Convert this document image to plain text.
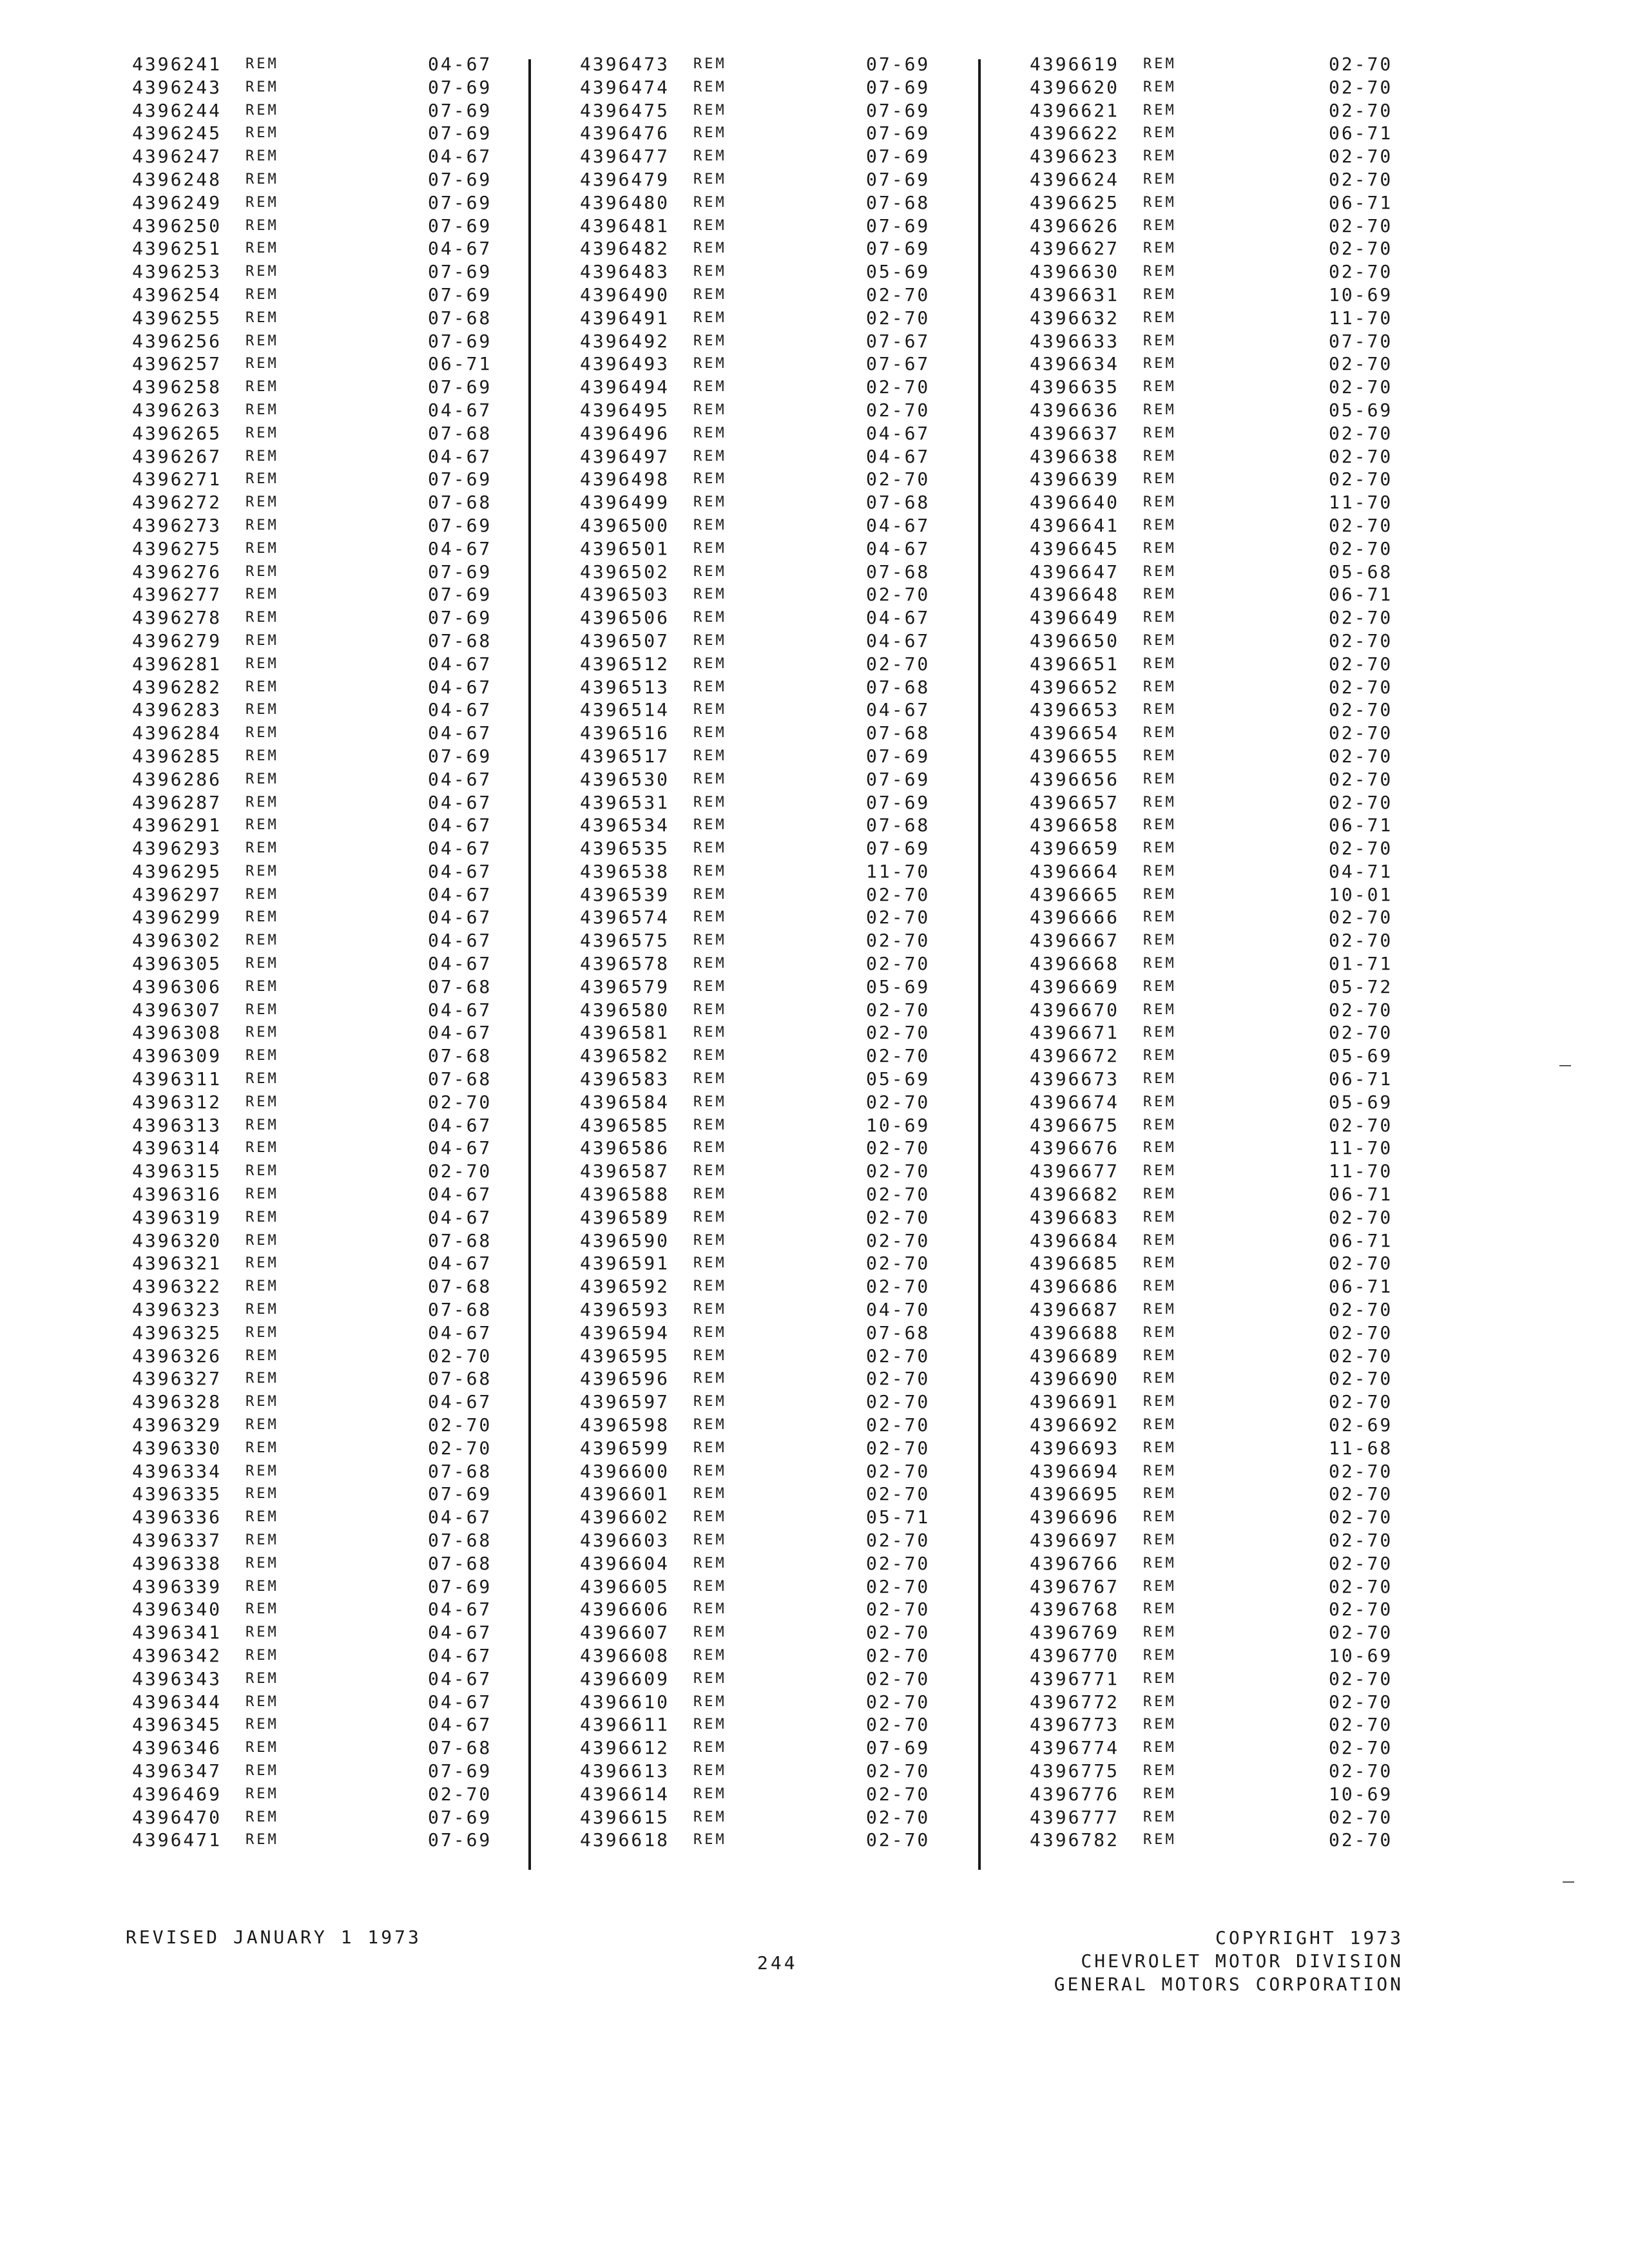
4396241	REM	04-67
4396243	REM	07-69
4396244	REM	07-69
4396245	REM	07-69
4396247	REM	04-67
4396248	REM	07-69
4396249	REM	07-69
4396250	REM	07-69
4396251	REM	04-67
4396253	REM	07-69
4396254	REM	07-69
4396255	REM	07-68
4396256	REM	07-69
4396257	REM	06-71
4396258	REM	07-69
4396263	REM	04-67
4396265	REM	07-68
4396267	REM	04-67
4396271	REM	07-69
4396272	REM	07-68
4396273	REM	07-69
4396275	REM	04-67
4396276	REM	07-69
4396277	REM	07-69
4396278	REM	07-69
4396279	REM	07-68
4396281	REM	04-67
4396282	REM	04-67
4396283	REM	04-67
4396284	REM	04-67
4396285	REM	07-69
4396286	REM	04-67
4396287	REM	04-67
4396291	REM	04-67
4396293	REM	04-67
4396295	REM	04-67
4396297	REM	04-67
4396299	REM	04-67
4396302	REM	04-67
4396305	REM	04-67
4396306	REM	07-68
4396307	REM	04-67
4396308	REM	04-67
4396309	REM	07-68
4396311	REM	07-68
4396312	REM	02-70
4396313	REM	04-67
4396314	REM	04-67
4396315	REM	02-70
4396316	REM	04-67
4396319	REM	04-67
4396320	REM	07-68
4396321	REM	04-67
4396322	REM	07-68
4396323	REM	07-68
4396325	REM	04-67
4396326	REM	02-70
4396327	REM	07-68
4396328	REM	04-67
4396329	REM	02-70
4396330	REM	02-70
4396334	REM	07-68
4396335	REM	07-69
4396336	REM	04-67
4396337	REM	07-68
4396338	REM	07-68
4396339	REM	07-69
4396340	REM	04-67
4396341	REM	04-67
4396342	REM	04-67
4396343	REM	04-67
4396344	REM	04-67
4396345	REM	04-67
4396346	REM	07-68
4396347	REM	07-69
4396469	REM	02-70
4396470	REM	07-69
4396471	REM	07-69
4396473	REM	07-69
4396474	REM	07-69
4396475	REM	07-69
4396476	REM	07-69
4396477	REM	07-69
4396479	REM	07-69
4396480	REM	07-68
4396481	REM	07-69
4396482	REM	07-69
4396483	REM	05-69
4396490	REM	02-70
4396491	REM	02-70
4396492	REM	07-67
4396493	REM	07-67
4396494	REM	02-70
4396495	REM	02-70
4396496	REM	04-67
4396497	REM	04-67
4396498	REM	02-70
4396499	REM	07-68
4396500	REM	04-67
4396501	REM	04-67
4396502	REM	07-68
4396503	REM	02-70
4396506	REM	04-67
4396507	REM	04-67
4396512	REM	02-70
4396513	REM	07-68
4396514	REM	04-67
4396516	REM	07-68
4396517	REM	07-69
4396530	REM	07-69
4396531	REM	07-69
4396534	REM	07-68
4396535	REM	07-69
4396538	REM	11-70
4396539	REM	02-70
4396574	REM	02-70
4396575	REM	02-70
4396578	REM	02-70
4396579	REM	05-69
4396580	REM	02-70
4396581	REM	02-70
4396582	REM	02-70
4396583	REM	05-69
4396584	REM	02-70
4396585	REM	10-69
4396586	REM	02-70
4396587	REM	02-70
4396588	REM	02-70
4396589	REM	02-70
4396590	REM	02-70
4396591	REM	02-70
4396592	REM	02-70
4396593	REM	04-70
4396594	REM	07-68
4396595	REM	02-70
4396596	REM	02-70
4396597	REM	02-70
4396598	REM	02-70
4396599	REM	02-70
4396600	REM	02-70
4396601	REM	02-70
4396602	REM	05-71
4396603	REM	02-70
4396604	REM	02-70
4396605	REM	02-70
4396606	REM	02-70
4396607	REM	02-70
4396608	REM	02-70
4396609	REM	02-70
4396610	REM	02-70
4396611	REM	02-70
4396612	REM	07-69
4396613	REM	02-70
4396614	REM	02-70
4396615	REM	02-70
4396618	REM	02-70
4396619	REM	02-70
4396620	REM	02-70
4396621	REM	02-70
4396622	REM	06-71
4396623	REM	02-70
4396624	REM	02-70
4396625	REM	06-71
4396626	REM	02-70
4396627	REM	02-70
4396630	REM	02-70
4396631	REM	10-69
4396632	REM	11-70
4396633	REM	07-70
4396634	REM	02-70
4396635	REM	02-70
4396636	REM	05-69
4396637	REM	02-70
4396638	REM	02-70
4396639	REM	02-70
4396640	REM	11-70
4396641	REM	02-70
4396645	REM	02-70
4396647	REM	05-68
4396648	REM	06-71
4396649	REM	02-70
4396650	REM	02-70
4396651	REM	02-70
4396652	REM	02-70
4396653	REM	02-70
4396654	REM	02-70
4396655	REM	02-70
4396656	REM	02-70
4396657	REM	02-70
4396658	REM	06-71
4396659	REM	02-70
4396664	REM	04-71
4396665	REM	10-01
4396666	REM	02-70
4396667	REM	02-70
4396668	REM	01-71
4396669	REM	05-72
4396670	REM	02-70
4396671	REM	02-70
4396672	REM	05-69
4396673	REM	06-71
4396674	REM	05-69
4396675	REM	02-70
4396676	REM	11-70
4396677	REM	11-70
4396682	REM	06-71
4396683	REM	02-70
4396684	REM	06-71
4396685	REM	02-70
4396686	REM	06-71
4396687	REM	02-70
4396688	REM	02-70
4396689	REM	02-70
4396690	REM	02-70
4396691	REM	02-70
4396692	REM	02-69
4396693	REM	11-68
4396694	REM	02-70
4396695	REM	02-70
4396696	REM	02-70
4396697	REM	02-70
4396766	REM	02-70
4396767	REM	02-70
4396768	REM	02-70
4396769	REM	02-70
4396770	REM	10-69
4396771	REM	02-70
4396772	REM	02-70
4396773	REM	02-70
4396774	REM	02-70
4396775	REM	02-70
4396776	REM	10-69
4396777	REM	02-70
4396782	REM	02-70
REVISED JANUARY 1 1973
244
COPYRIGHT 1973
CHEVROLET MOTOR DIVISION
GENERAL MOTORS CORPORATION
